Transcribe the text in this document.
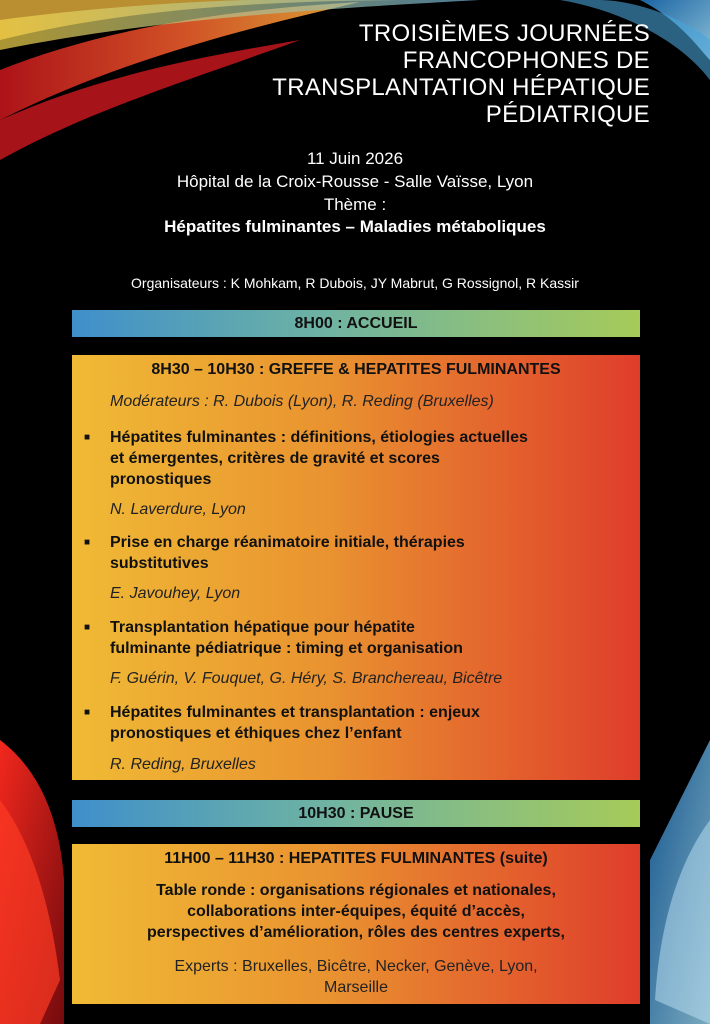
TROISIÈMES JOURNÉES
FRANCOPHONES DE
TRANSPLANTATION HÉPATIQUE
PÉDIATRIQUE
11 Juin 2026
Hôpital de la Croix-Rousse - Salle Vaïsse, Lyon
Thème :
Hépatites fulminantes – Maladies métaboliques
Organisateurs : K Mohkam, R Dubois, JY Mabrut, G Rossignol, R Kassir
8H00 : ACCUEIL
8H30 – 10H30 : GREFFE & HEPATITES FULMINANTES
Modérateurs : R. Dubois (Lyon), R. Reding (Bruxelles)
■ Hépatites fulminantes : définitions, étiologies actuelles
et émergentes, critères de gravité et scores
pronostiques
N. Laverdure, Lyon
■ Prise en charge réanimatoire initiale, thérapies
substitutives
E. Javouhey, Lyon
■ Transplantation hépatique pour hépatite
fulminante pédiatrique : timing et organisation
F. Guérin, V. Fouquet, G. Héry, S. Branchereau, Bicêtre
■ Hépatites fulminantes et transplantation : enjeux
pronostiques et éthiques chez l’enfant
R. Reding, Bruxelles
10H30 : PAUSE
11H00 – 11H30 : HEPATITES FULMINANTES (suite)
Table ronde : organisations régionales et nationales,
collaborations inter-équipes, équité d’accès,
perspectives d’amélioration, rôles des centres experts,
Experts : Bruxelles, Bicêtre, Necker, Genève, Lyon,
Marseille
